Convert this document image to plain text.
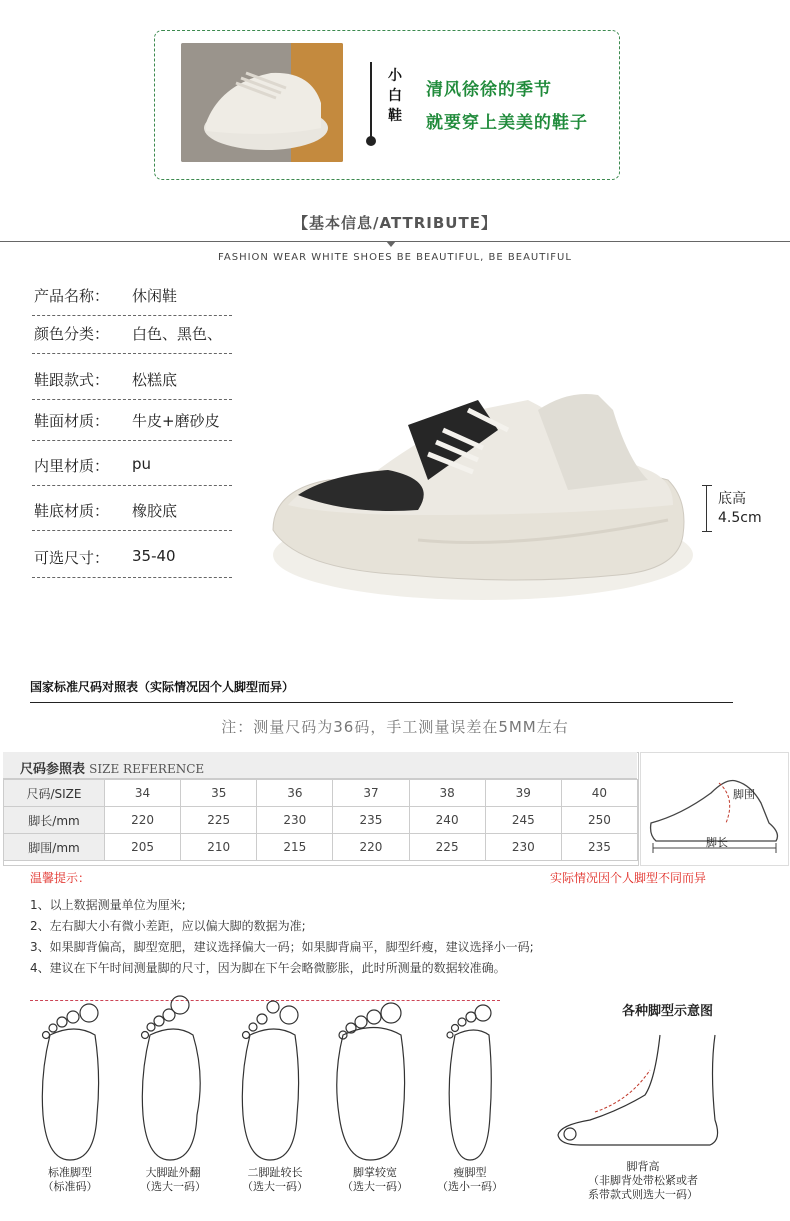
小
白
鞋
清风徐徐的季节
就要穿上美美的鞋子
【基本信息/ATTRIBUTE】
FASHION WEAR WHITE SHOES BE BEAUTIFUL, BE BEAUTIFUL
产品名称： 休闲鞋
颜色分类： 白色、黑色、
鞋跟款式： 松糕底
鞋面材质： 牛皮+磨砂皮
内里材质： pu
鞋底材质： 橡胶底
可选尺寸： 35-40
底高
4.5cm
国家标准尺码对照表（实际情况因个人脚型而异）
注：测量尺码为36码，手工测量误差在5MM左右
尺码参照表 SIZE REFERENCE
尺码/SIZE	34	35	36	37	38	39	40
脚长/mm	220	225	230	235	240	245	250
脚围/mm	205	210	215	220	225	230	235
脚围
脚长
温馨提示：	实际情况因个人脚型不同而异
1、以上数据测量单位为厘米;
2、左右脚大小有微小差距，应以偏大脚的数据为准;
3、如果脚背偏高，脚型宽肥，建议选择偏大一码；如果脚背扁平，脚型纤瘦，建议选择小一码;
4、建议在下午时间测量脚的尺寸，因为脚在下午会略微膨胀，此时所测量的数据较准确。
标准脚型
（标准码）
大脚趾外翻
（选大一码）
二脚趾较长
（选大一码）
脚掌较宽
（选大一码）
瘦脚型
（选小一码）
各种脚型示意图
脚背高
（非脚背处带松紧或者
系带款式则选大一码）
